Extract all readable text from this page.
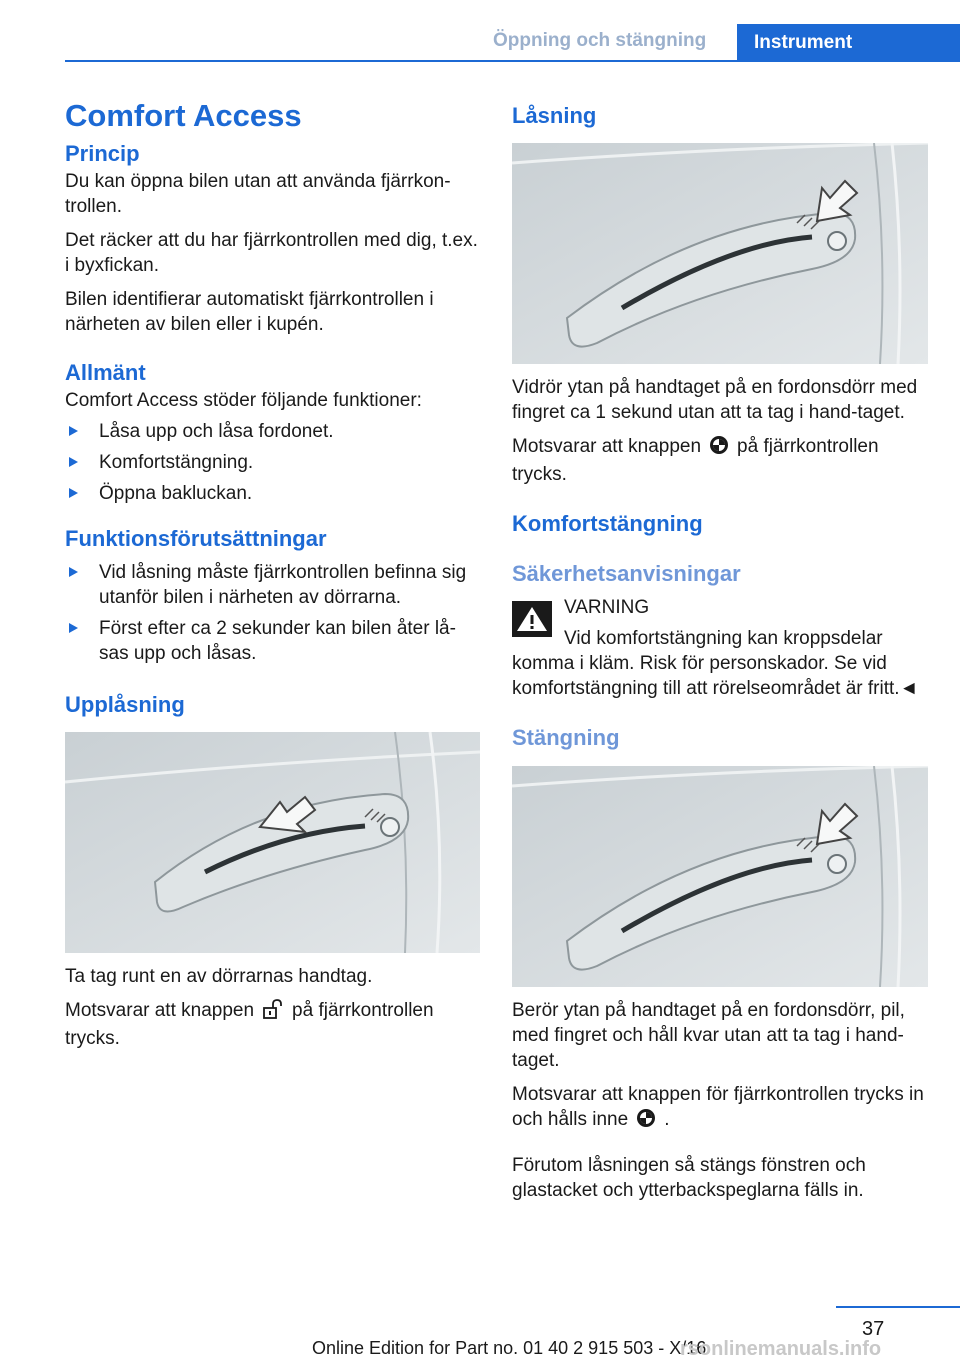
Öppning och stängning	Instrument
Comfort Access
Princip

Du kan öppna bilen utan att använda fjärrkon-trollen.

Det räcker att du har fjärrkontrollen med dig, t.ex. i byxfickan.

Bilen identifierar automatiskt fjärrkontrollen i närheten av bilen eller i kupén.

Allmänt

Comfort Access stöder följande funktioner:

Låsa upp och låsa fordonet.
Komfortstängning.
Öppna bakluckan.
Funktionsförutsättningar
Vid låsning måste fjärrkontrollen befinna sig utanför bilen i närheten av dörrarna.
Först efter ca 2 sekunder kan bilen åter lå-sas upp och låsas.
Upplåsning

Ta tag runt en av dörrarnas handtag.

Motsvarar att knappen på fjärrkontrollen trycks.

Låsning

Vidrör ytan på handtaget på en fordonsdörr med fingret ca 1 sekund utan att ta tag i hand-taget.

Motsvarar att knappen på fjärrkontrollen trycks.

Komfortstängning
Säkerhetsanvisningar

VARNING

Vid komfortstängning kan kroppsdelar komma i kläm. Risk för personskador. Se vid komfortstängning till att rörelseområdet är fritt.◄

Stängning

Berör ytan på handtaget på en fordonsdörr, pil, med fingret och håll kvar utan att ta tag i hand-taget.

Motsvarar att knappen för fjärrkontrollen trycks in och hålls inne .

Förutom låsningen så stängs fönstren och glastacket och ytterbackspeglarna fälls in.

37
Online Edition for Part no. 01 40 2 915 503 - X/16
rsonlinemanuals.info
